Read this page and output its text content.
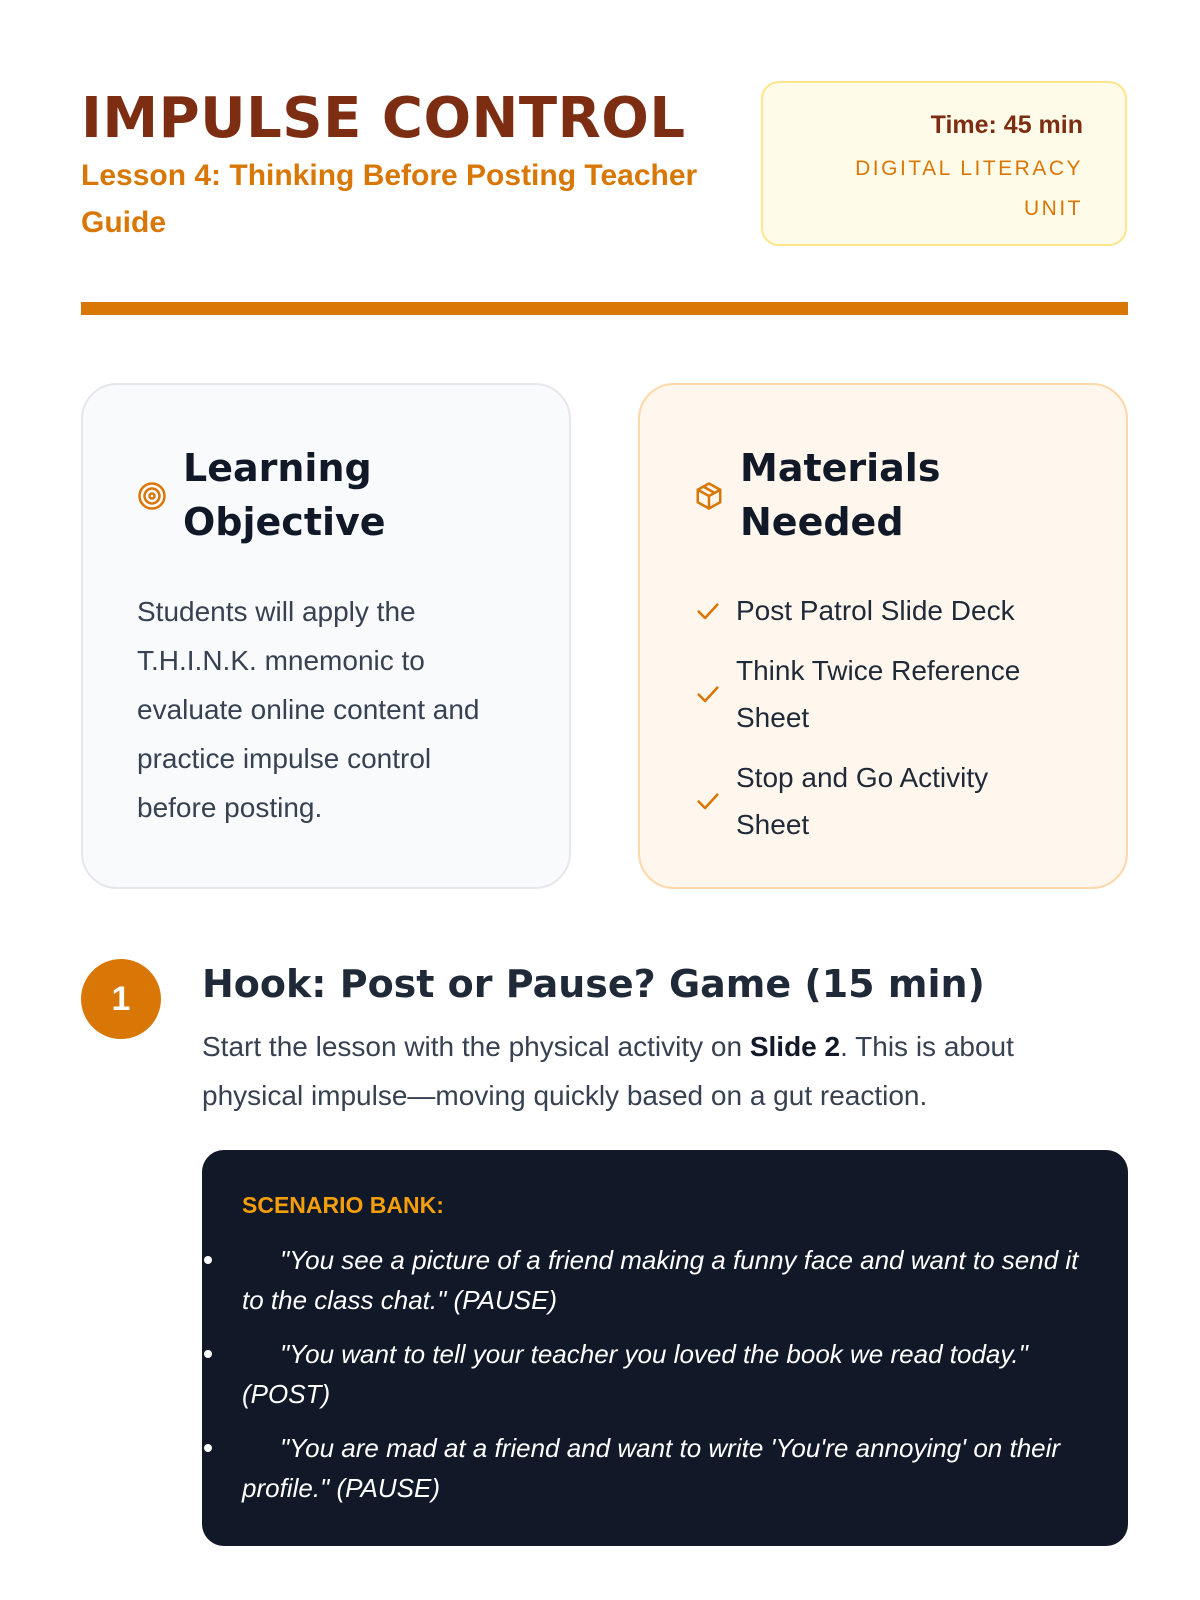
IMPULSE CONTROL
Lesson 4: Thinking Before Posting Teacher Guide
Time: 45 min
DIGITAL LITERACY UNIT
Learning Objective
Students will apply the T.H.I.N.K. mnemonic to evaluate online content and practice impulse control before posting.
Materials Needed
Post Patrol Slide Deck
Think Twice Reference Sheet
Stop and Go Activity Sheet
1	Hook: Post or Pause? Game (15 min)
Start the lesson with the physical activity on Slide 2. This is about physical impulse—moving quickly based on a gut reaction.
SCENARIO BANK:
"You see a picture of a friend making a funny face and want to send it to the class chat." (PAUSE)
"You want to tell your teacher you loved the book we read today." (POST)
"You are mad at a friend and want to write 'You're annoying' on their profile." (PAUSE)
